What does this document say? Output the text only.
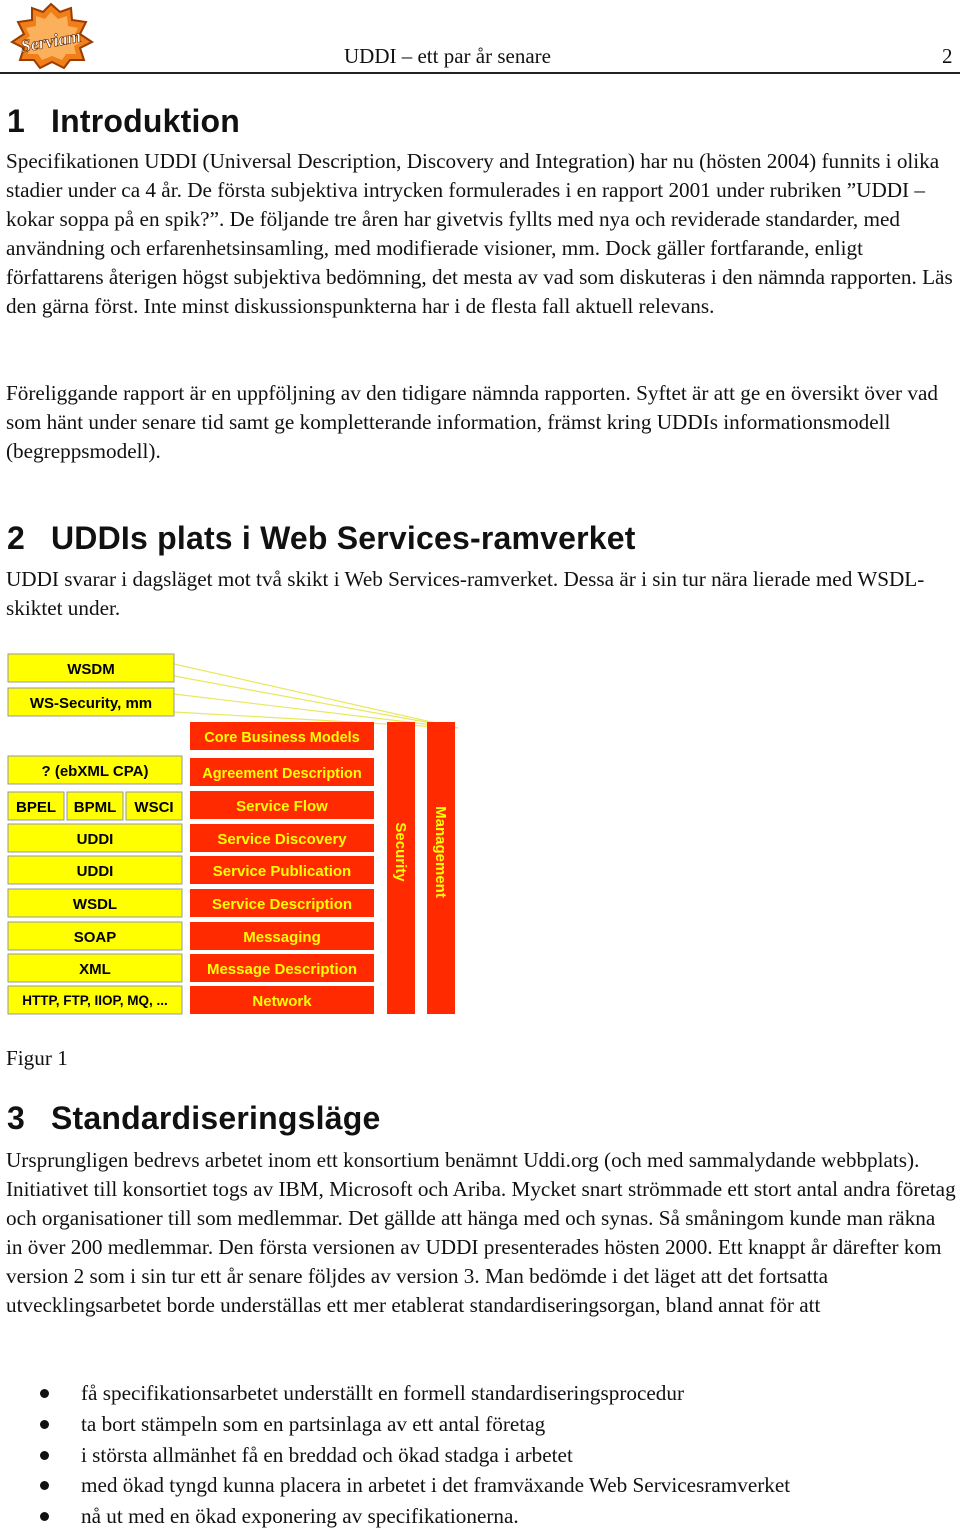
Serviam	UDDI – ett par år senare	2
1 Introduktion

Specifikationen UDDI (Universal Description, Discovery and Integration) har nu (hösten 2004) funnits i olika stadier under ca 4 år. De första subjektiva intrycken formulerades i en rapport 2001 under rubriken ”UDDI – kokar soppa på en spik?”. De följande tre åren har givetvis fyllts med nya och reviderade standarder, med användning och erfarenhetsinsamling, med modifierade visioner, mm. Dock gäller fortfarande, enligt författarens återigen högst subjektiva bedömning, det mesta av vad som diskuteras i den nämnda rapporten. Läs den gärna först. Inte minst diskussionspunkterna har i de flesta fall aktuell relevans.

Föreliggande rapport är en uppföljning av den tidigare nämnda rapporten. Syftet är att ge en översikt över vad som hänt under senare tid samt ge kompletterande information, främst kring UDDIs informationsmodell (begreppsmodell).

2 UDDIs plats i Web Services-ramverket

UDDI svarar i dagsläget mot två skikt i Web Services-ramverket. Dessa är i sin tur nära lierade med WSDL-skiktet under.

WSDM
WS-Security, mm
? (ebXML CPA)
BPEL BPML WSCI
UDDI
UDDI
WSDL
SOAP
XML
HTTP, FTP, IIOP, MQ, ...
Core Business Models
Agreement Description
Service Flow
Service Discovery
Service Publication
Service Description
Messaging
Message Description
Network
Security Management
Figur 1
3 Standardiseringsläge

Ursprungligen bedrevs arbetet inom ett konsortium benämnt Uddi.org (och med sammalydande webbplats). Initiativet till konsortiet togs av IBM, Microsoft och Ariba. Mycket snart strömmade ett stort antal andra företag och organisationer till som medlemmar. Det gällde att hänga med och synas. Så småningom kunde man räkna in över 200 medlemmar. Den första versionen av UDDI presenterades hösten 2000. Ett knappt år därefter kom version 2 som i sin tur ett år senare följdes av version 3. Man bedömde i det läget att det fortsatta utvecklingsarbetet borde underställas ett mer etablerat standardiseringsorgan, bland annat för att

få specifikationsarbetet underställt en formell standardiseringsprocedur
ta bort stämpeln som en partsinlaga av ett antal företag
i största allmänhet få en breddad och ökad stadga i arbetet
med ökad tyngd kunna placera in arbetet i det framväxande Web Servicesramverket
nå ut med en ökad exponering av specifikationerna.
